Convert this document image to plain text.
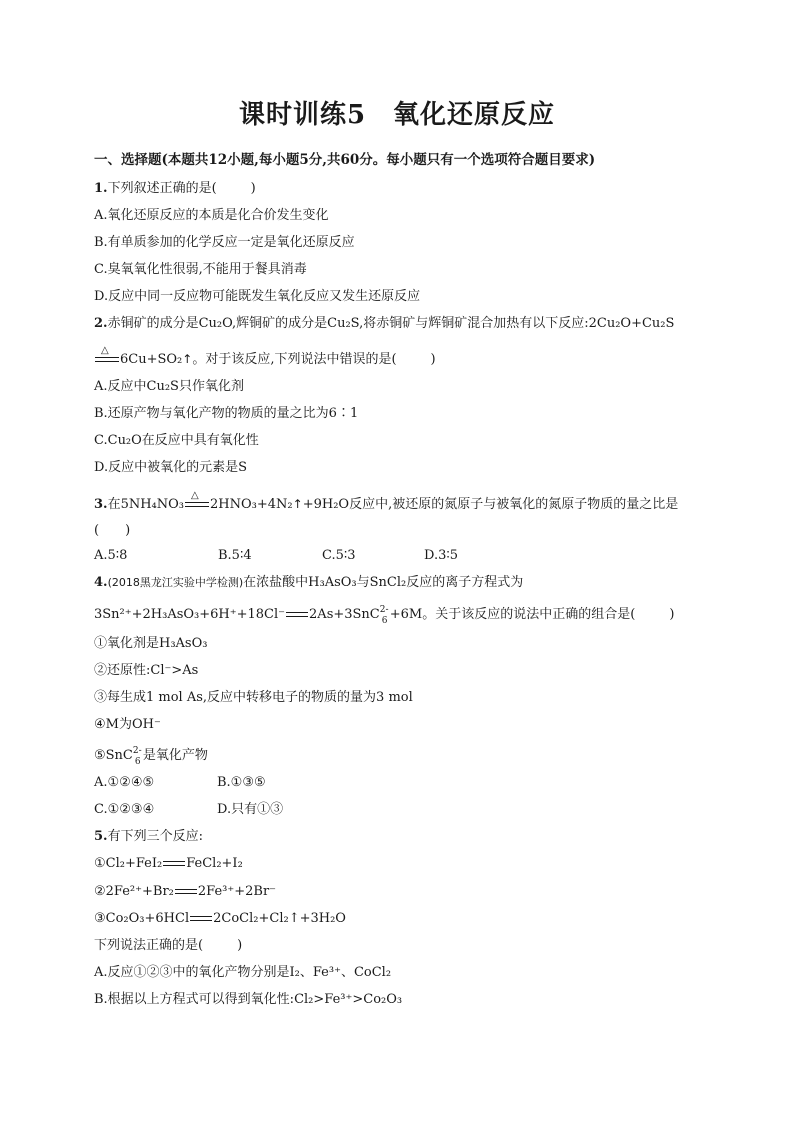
课时训练5　氧化还原反应
一、选择题(本题共12小题,每小题5分,共60分。每小题只有一个选项符合题目要求)
1.下列叙述正确的是(	)
A.氧化还原反应的本质是化合价发生变化
B.有单质参加的化学反应一定是氧化还原反应
C.臭氧氧化性很弱,不能用于餐具消毒
D.反应中同一反应物可能既发生氧化反应又发生还原反应
2.赤铜矿的成分是Cu₂O,辉铜矿的成分是Cu₂S,将赤铜矿与辉铜矿混合加热有以下反应:2Cu₂O+Cu₂S
△
6Cu+SO₂↑。对于该反应,下列说法中错误的是(	)
A.反应中Cu₂S只作氧化剂
B.还原产物与氧化产物的物质的量之比为6∶1
C.Cu₂O在反应中具有氧化性
D.反应中被氧化的元素是S
3.在5NH₄NO₃
△
2HNO₃+4N₂↑+9H₂O反应中,被还原的氮原子与被氧化的氮原子物质的量之比是
(　　)
A.5∶8	B.5∶4	C.5∶3	D.3∶5
4.(2018黑龙江实验中学检测)在浓盐酸中H₃AsO₃与SnCl₂反应的离子方程式为
3Sn²⁺+2H₃AsO₃+6H⁺+18Cl⁻ 2As+3SnC 2-
6 +6M。关于该反应的说法中正确的组合是(	)
①氧化剂是H₃AsO₃
②还原性:Cl⁻>As
③每生成1 mol As,反应中转移电子的物质的量为3 mol
④M为OH⁻
⑤SnC 2-
6 是氧化产物
A.①②④⑤	B.①③⑤
C.①②③④	D.只有①③
5.有下列三个反应:
①Cl₂+FeI₂ FeCl₂+I₂
②2Fe²⁺+Br₂ 2Fe³⁺+2Br⁻
③Co₂O₃+6HCl 2CoCl₂+Cl₂↑+3H₂O
下列说法正确的是(	)
A.反应①②③中的氧化产物分别是I₂、Fe³⁺、CoCl₂
B.根据以上方程式可以得到氧化性:Cl₂>Fe³⁺>Co₂O₃
